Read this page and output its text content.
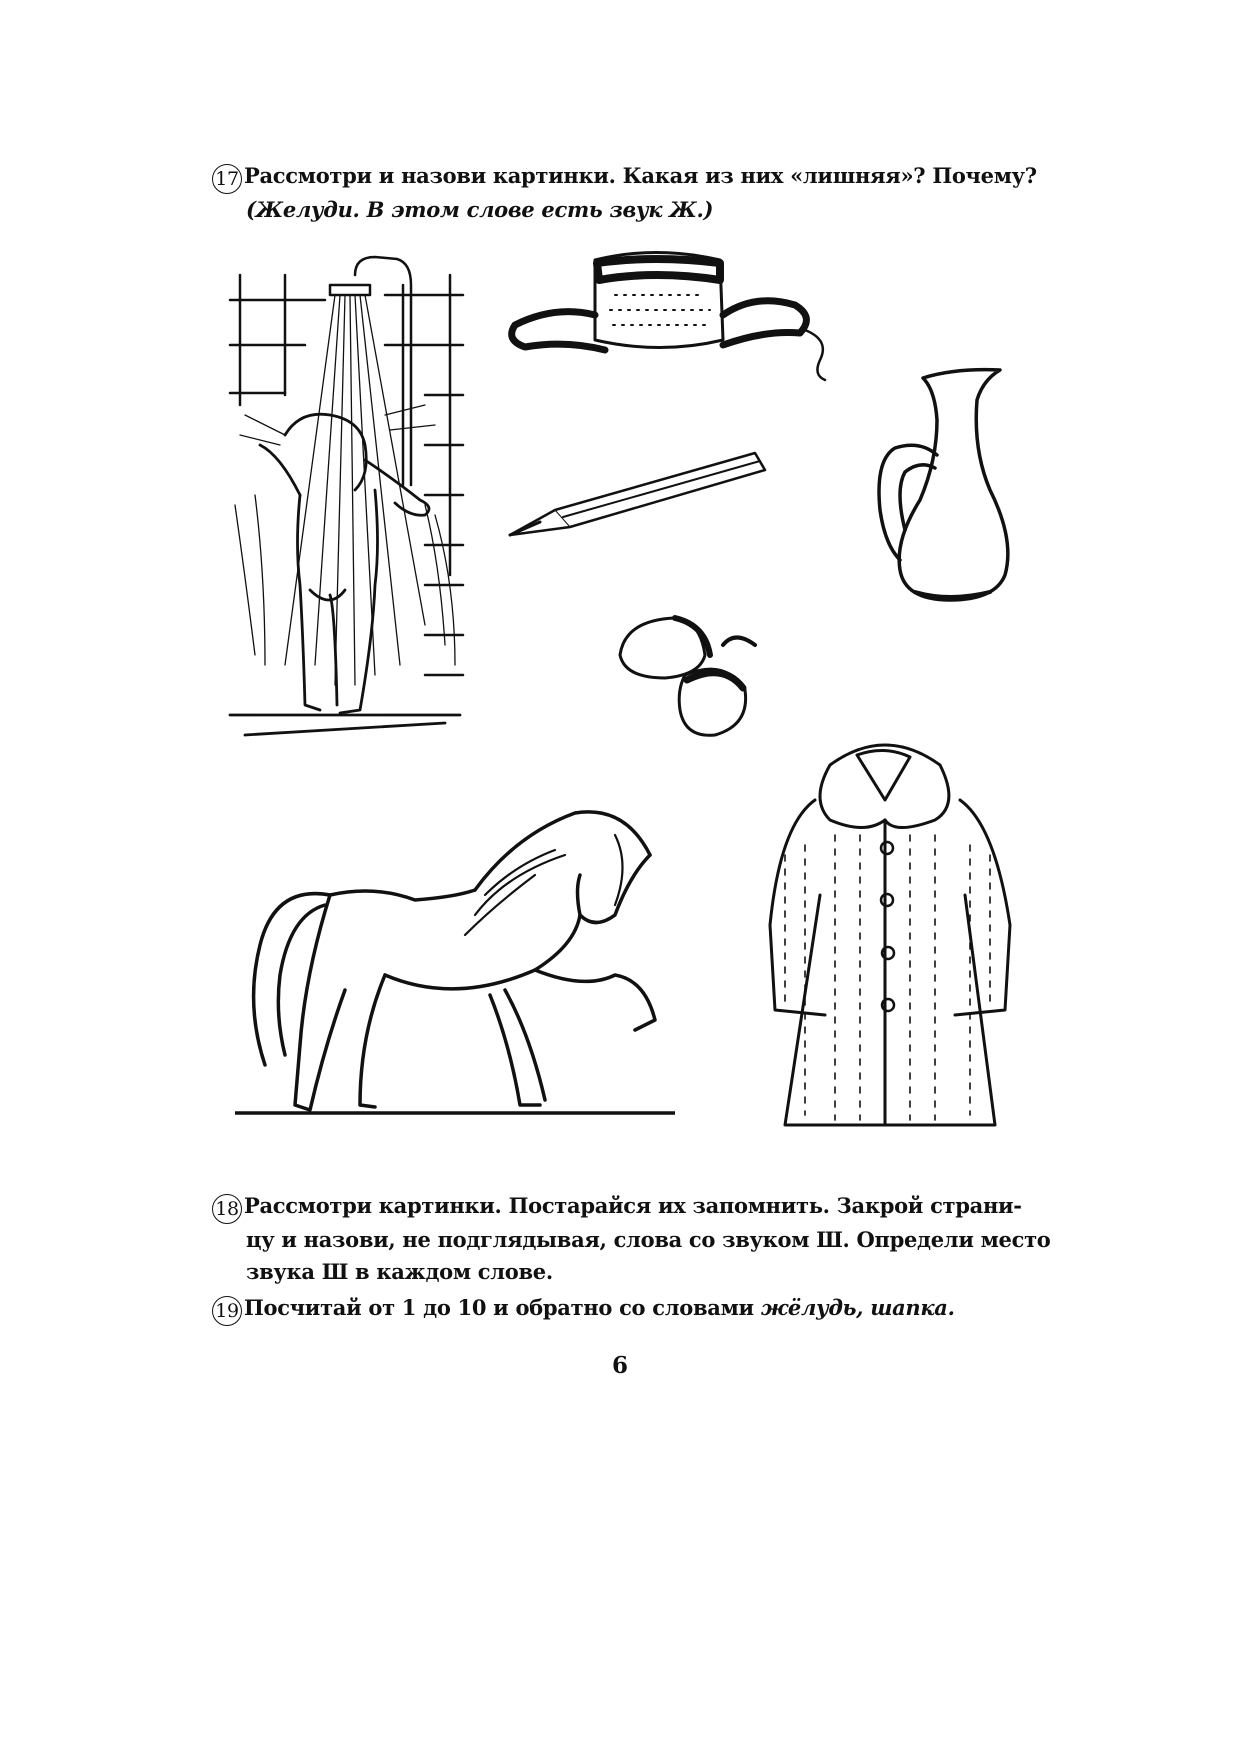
17 Рассмотри и назови картинки. Какая из них «лишняя»? Почему?
(Желуди. В этом слове есть звук Ж.)
18 Рассмотри картинки. Постарайся их запомнить. Закрой страни-
цу и назови, не подглядывая, слова со звуком Ш. Определи место
звука Ш в каждом слове.
19 Посчитай от 1 до 10 и обратно со словами жёлудь, шапка.
6
